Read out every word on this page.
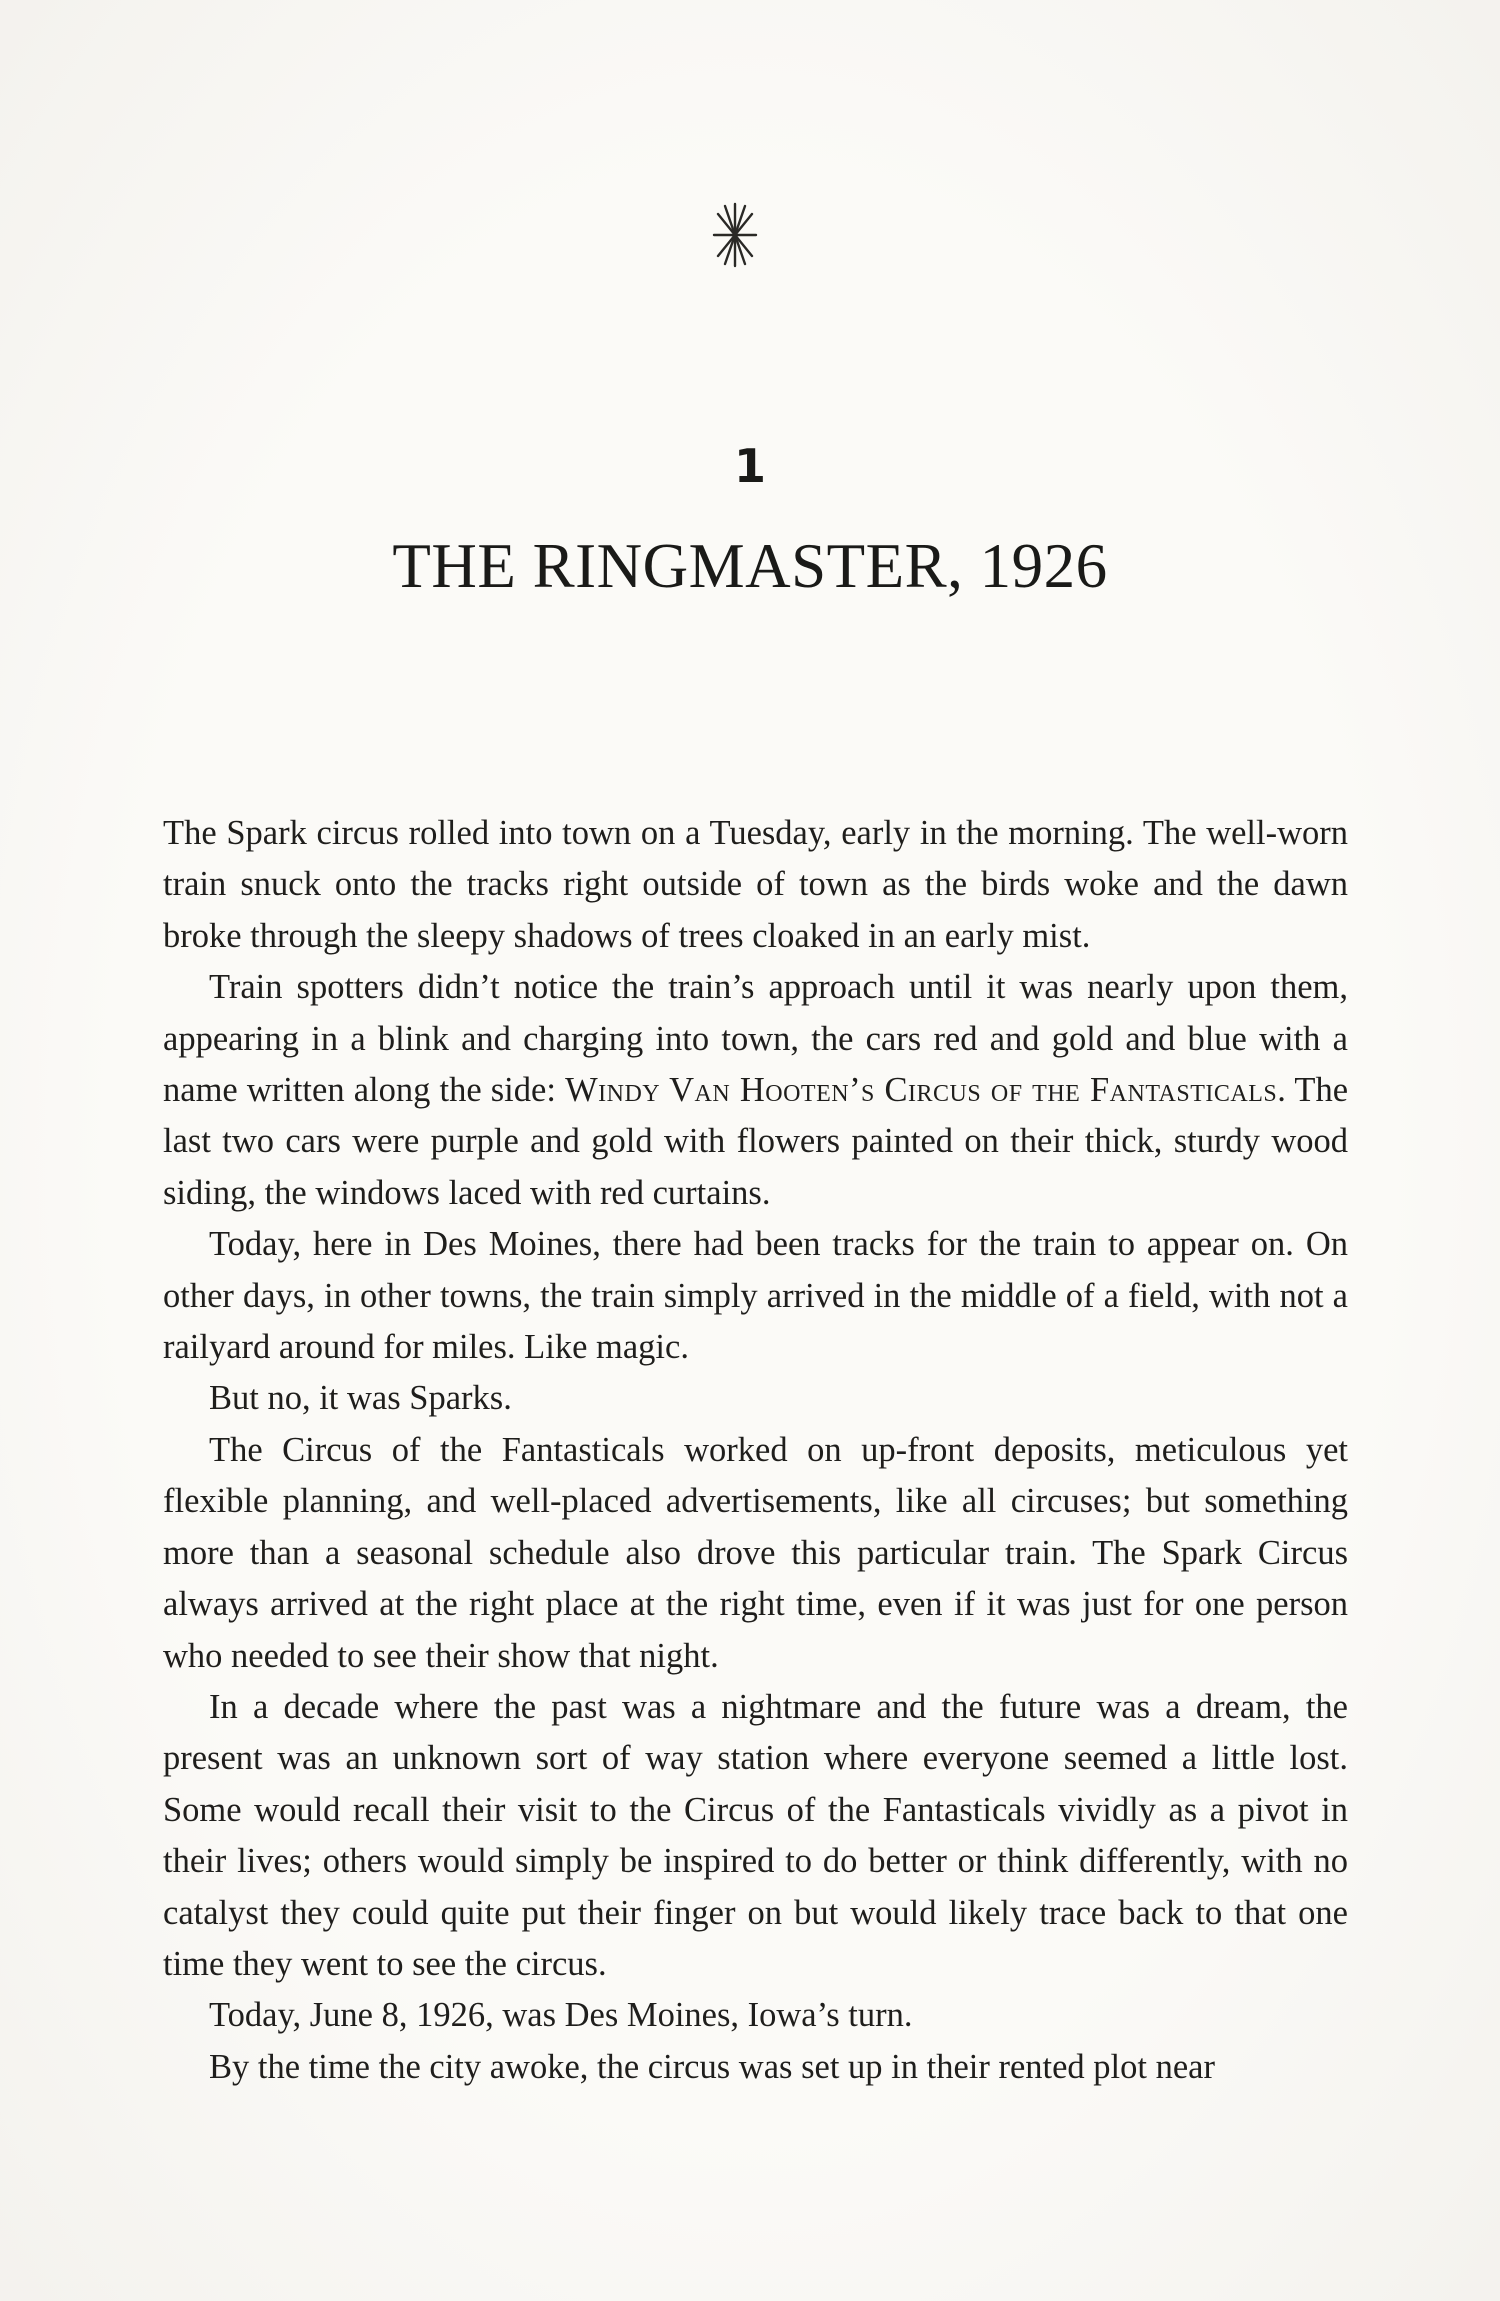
1
THE RINGMASTER, 1926

The Spark circus rolled into town on a Tuesday, early in the morning. The well-worn train snuck onto the tracks right outside of town as the birds woke and the dawn broke through the sleepy shadows of trees cloaked in an early mist.

Train spotters didn’t notice the train’s approach until it was nearly upon them, appearing in a blink and charging into town, the cars red and gold and blue with a name written along the side: Windy Van Hooten’s Circus of the Fantasticals. The last two cars were purple and gold with flowers painted on their thick, sturdy wood siding, the windows laced with red curtains.

Today, here in Des Moines, there had been tracks for the train to appear on. On other days, in other towns, the train simply arrived in the middle of a field, with not a railyard around for miles. Like magic.

But no, it was Sparks.

The Circus of the Fantasticals worked on up-front deposits, meticulous yet flexible planning, and well-placed advertisements, like all circuses; but something more than a seasonal schedule also drove this particular train. The Spark Circus always arrived at the right place at the right time, even if it was just for one person who needed to see their show that night.

In a decade where the past was a nightmare and the future was a dream, the present was an unknown sort of way station where everyone seemed a little lost. Some would recall their visit to the Circus of the Fantasticals vividly as a pivot in their lives; others would simply be inspired to do better or think differently, with no catalyst they could quite put their finger on but would likely trace back to that one time they went to see the circus.

Today, June 8, 1926, was Des Moines, Iowa’s turn.

By the time the city awoke, the circus was set up in their rented plot near
